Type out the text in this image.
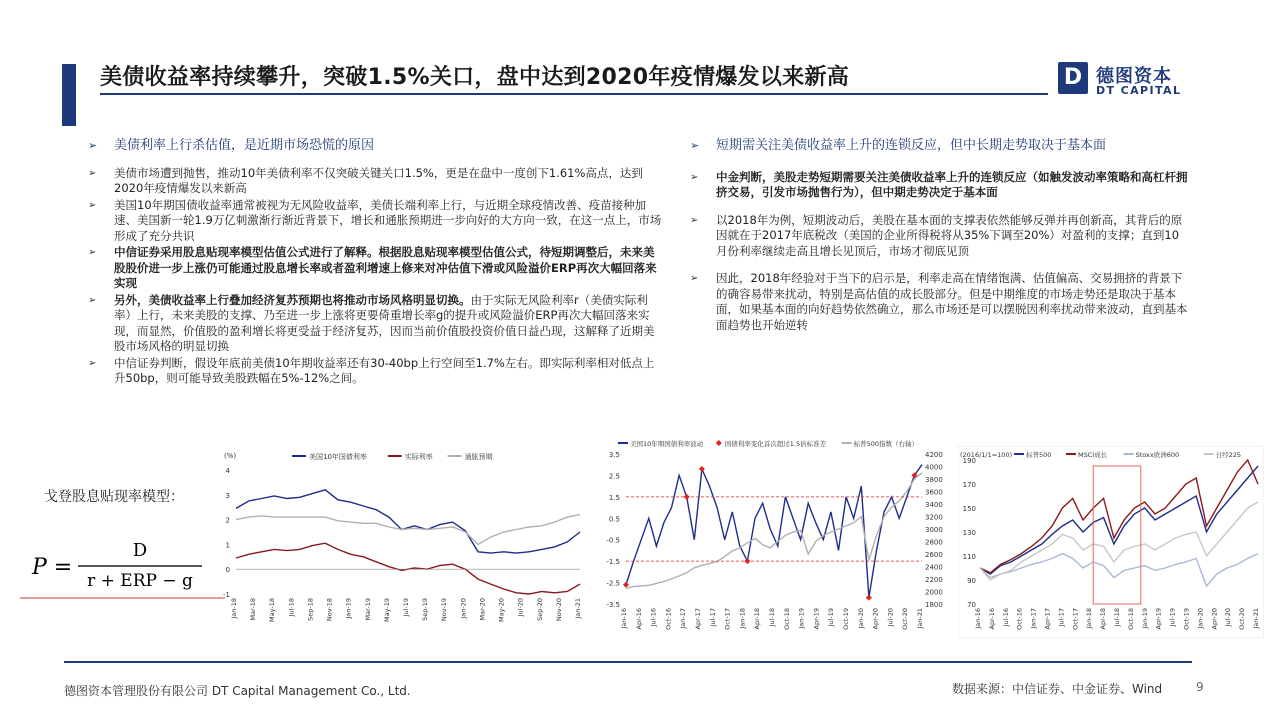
美债收益率持续攀升，突破1.5%关口，盘中达到2020年疫情爆发以来新高	D 德图资本
DT CAPITAL
➢ 美债利率上行杀估值，是近期市场恐慌的原因
➢ 美债市场遭到抛售，推动10年美债利率不仅突破关键关口1.5%，更是在盘中一度创下1.61%高点，达到2020年疫情爆发以来新高
➢ 美国10年期国债收益率通常被视为无风险收益率，美债长端利率上行，与近期全球疫情改善、疫苗接种加速、美国新一轮1.9万亿刺激渐行渐近背景下，增长和通胀预期进一步向好的大方向一致，在这一点上，市场形成了充分共识
➢ 中信证券采用股息贴现率模型估值公式进行了解释。根据股息贴现率模型估值公式，待短期调整后，未来美股股价进一步上涨仍可能通过股息增长率或者盈利增速上修来对冲估值下滑或风险溢价ERP再次大幅回落来实现
➢ 另外，美债收益率上行叠加经济复苏预期也将推动市场风格明显切换。由于实际无风险利率r（美债实际利率）上行，未来美股的支撑、乃至进一步上涨将更要倚重增长率g的提升或风险溢价ERP再次大幅回落来实现，而显然，价值股的盈利增长将更受益于经济复苏，因而当前价值股投资价值日益凸现，这解释了近期美股市场风格的明显切换
➢ 中信证券判断，假设年底前美债10年期收益率还有30-40bp上行空间至1.7%左右。即实际利率相对低点上升50bp，则可能导致美股跌幅在5%-12%之间。
➢ 短期需关注美债收益率上升的连锁反应，但中长期走势取决于基本面
➢ 中金判断，美股走势短期需要关注美债收益率上升的连锁反应（如触发波动率策略和高杠杆拥挤交易，引发市场抛售行为），但中期走势决定于基本面
➢ 以2018年为例，短期波动后，美股在基本面的支撑表依然能够反弹并再创新高，其背后的原因就在于2017年底税改（美国的企业所得税将从35%下调至20%）对盈利的支撑；直到10月份利率继续走高且增长见顶后，市场才彻底见顶
➢ 因此，2018年经验对于当下的启示是，利率走高在情绪饱满、估值偏高、交易拥挤的背景下的确容易带来扰动，特别是高估值的成长股部分。但是中期维度的市场走势还是取决于基本面，如果基本面的向好趋势依然确立，那么市场还是可以摆脱因利率扰动带来波动，直到基本面趋势也开始逆转
戈登股息贴现率模型：
P =
D
r + ERP − g
(%)
-1
0
1
2
3
4
Jan-18 Mar-18 May-18 Jul-18 Sep-18 Nov-18 Jan-19 Mar-19 May-19 Jul-19 Sep-19 Nov-19 Jan-20 Mar-20 May-20 Jul-20 Sep-20 Nov-20 Jan-21
美国10年国债利率	实际利率	通胀预期
-3.5
-2.5
-1.5
-0.5
0.5
1.5
2.5
3.5
1800
2000
2200
2400
2600
2800
3000
3200
3400
3600
3800
4000
4200
Jan-16 Apr-16 Jul-16 Oct-16 Jan-17 Apr-17 Jul-17 Oct-17 Jan-18 Apr-18 Jul-18 Oct-18 Jan-19 Apr-19 Jul-19 Oct-19 Jan-20 Apr-20 Jul-20 Oct-20 Jan-21
美国10年期国债利率波动	国债利率变化首次超过1.5倍标准差	标普500指数（右轴）
70
90
110
130
150
170
190
Jan-16 Apr-16 Jul-16 Oct-16 Jan-17 Apr-17 Jul-17 Oct-17 Jan-18 Apr-18 Jul-18 Oct-18 Jan-19 Apr-19 Jul-19 Oct-19 Jan-20 Apr-20 Jul-20 Oct-20 Jan-21
(2016/1/1=100) 标普500	MSCI成长	Stoxx欧洲600	日经225
德图资本管理股份有限公司 DT Capital Management Co., Ltd.	数据来源：中信证券、中金证券、Wind	9
